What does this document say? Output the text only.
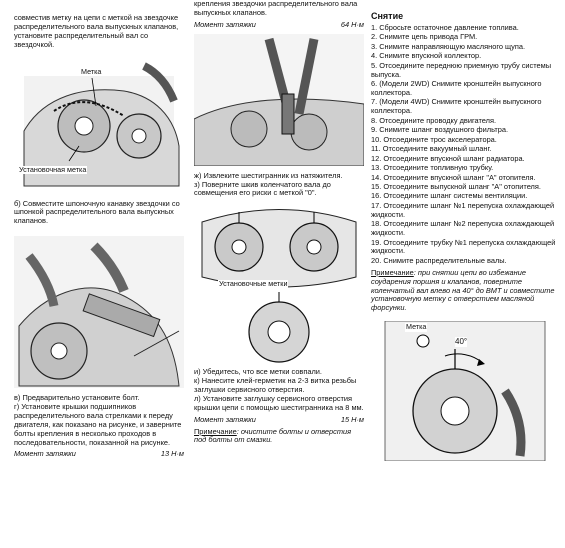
совместив метку на цепи с меткой на звездочке распределительного вала выпускных клапанов, установите распределительный вал со звездочкой.

Метка
Установочная метка

б) Совместите шпоночную канавку звездочки со шпонкой распределительного вала выпускных клапанов.

в) Предварительно установите болт.

г) Установите крышки подшипников распределительного вала стрелками к переду двигателя, как показано на рисунке, и заверните болты крепления в несколько проходов в последовательности, показанной на рисунке.

Момент затяжки	13 Н·м

крепления звездочки распределительного вала выпускных клапанов.

Момент затяжки	64 Н·м

ж) Извлеките шестигранник из натяжителя.

з) Поверните шкив коленчатого вала до совмещения его риски с меткой "0".

Установочные метки

и) Убедитесь, что все метки совпали.

к) Нанесите клей-герметик на 2-3 витка резьбы заглушки сервисного отверстия.

л) Установите заглушку сервисного отверстия крышки цепи с помощью шестигранника на 8 мм.

Момент затяжки	15 Н·м

Примечание: очистите болты и отверстия под болты от смазки.

Снятие
1. Сбросьте остаточное давление топлива.
2. Снимите цепь привода ГРМ.
3. Снимите направляющую масляного щупа.
4. Снимите впускной коллектор.
5. Отсоедините переднюю приемную трубу системы выпуска.
6. (Модели 2WD) Снимите кронштейн выпускного коллектора.
7. (Модели 4WD) Снимите кронштейн выпускного коллектора.
8. Отсоедините проводку двигателя.
9. Снимите шланг воздушного фильтра.
10. Отсоедините трос акселератора.
11. Отсоедините вакуумный шланг.
12. Отсоедините впускной шланг радиатора.
13. Отсоедините топливную трубку.
14. Отсоедините впускной шланг "А" отопителя.
15. Отсоедините выпускной шланг "А" отопителя.
16. Отсоедините шланг системы вентиляции.
17. Отсоедините шланг №1 перепуска охлаждающей жидкости.
18. Отсоедините шланг №2 перепуска охлаждающей жидкости.
19. Отсоедините трубку №1 перепуска охлаждающей жидкости.
20. Снимите распределительные валы.

Примечание: при снятии цепи во избежание соударения поршня и клапанов, поверните коленчатый вал влево на 40° до ВМТ и совместите установочную метку с отверстием масляной форсунки.

Метка
40°
